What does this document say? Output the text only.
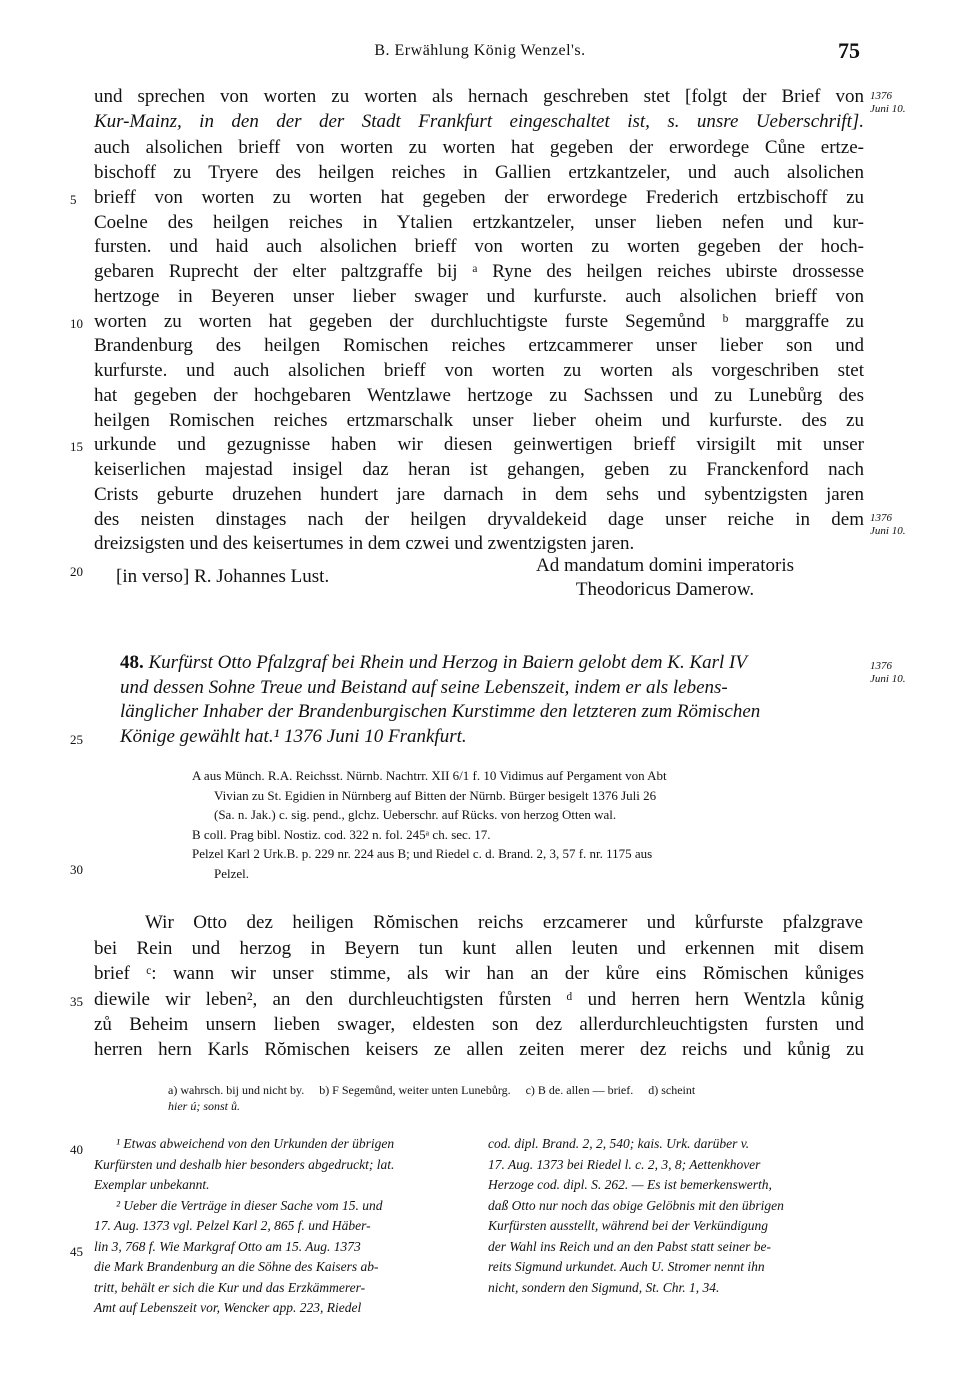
B. Erwählung König Wenzel's.	75
und sprechen von worten zu worten als hernach geschreben stet [folgt der Brief von
Kur-Mainz, in den der der Stadt Frankfurt eingeschaltet ist, s. unsre Ueberschrift].
auch alsolichen brieff von worten zu worten hat gegeben der erwordege Cůne ertze-
bischoff zu Tryere des heilgen reiches in Gallien ertzkantzeler, und auch alsolichen
brieff von worten zu worten hat gegeben der erwordege Frederich ertzbischoff zu
Coelne des heilgen reiches in Ytalien ertzkantzeler, unser lieben nefen und kur-
fursten. und haid auch alsolichen brieff von worten zu worten gegeben der hoch-
gebaren Ruprecht der elter paltzgraffe bij ᵃ Ryne des heilgen reiches ubirste drossesse
hertzoge in Beyeren unser lieber swager und kurfurste. auch alsolichen brieff von
worten zu worten hat gegeben der durchluchtigste furste Segemůnd ᵇ marggraffe zu
Brandenburg des heilgen Romischen reiches ertzcammerer unser lieber son und
kurfurste. und auch alsolichen brieff von worten zu worten als vorgeschriben stet
hat gegeben der hochgebaren Wentzlawe hertzoge zu Sachssen und zu Lunebůrg des
heilgen Romischen reiches ertzmarschalk unser lieber oheim und kurfurste. des zu
urkunde und gezugnisse haben wir diesen geinwertigen brieff virsigilt mit unser
keiserlichen majestad insigel daz heran ist gehangen, geben zu Franckenford nach
Crists geburte druzehen hundert jare darnach in dem sehs und sybentzigsten jaren
des neisten dinstages nach der heilgen dryvaldekeid dage unser reiche in dem
dreizsigsten und des keisertumes in dem czwei und zwentzigsten jaren.
5
10
15
20
25
30
35
40
45
1376
Juni 10.
1376
Juni 10.
1376
Juni 10.
[in verso] R. Johannes Lust.
Ad mandatum domini imperatoris
Theodoricus Damerow.
48. Kurfürst Otto Pfalzgraf bei Rhein und Herzog in Baiern gelobt dem K. Karl IV
und dessen Sohne Treue und Beistand auf seine Lebenszeit, indem er als lebens-
länglicher Inhaber der Brandenburgischen Kurstimme den letzteren zum Römischen
Könige gewählt hat.¹ 1376 Juni 10 Frankfurt.
A aus Münch. R.A. Reichsst. Nürnb. Nachtrr. XII 6/1 f. 10 Vidimus auf Pergament von Abt
Vivian zu St. Egidien in Nürnberg auf Bitten der Nürnb. Bürger besigelt 1376 Juli 26
(Sa. n. Jak.) c. sig. pend., glchz. Ueberschr. auf Rücks. von herzog Otten wal.
B coll. Prag bibl. Nostiz. cod. 322 n. fol. 245ᵃ ch. sec. 17.
Pelzel Karl 2 Urk.B. p. 229 nr. 224 aus B; und Riedel c. d. Brand. 2, 3, 57 f. nr. 1175 aus
Pelzel.
Wir Otto dez heiligen Rŏmischen reichs erzcamerer und kůrfurste pfalzgrave
bei Rein und herzog in Beyern tun kunt allen leuten und erkennen mit disem
brief ᶜ: wann wir unser stimme, als wir han an der kůre eins Rŏmischen kůniges
diewile wir leben², an den durchleuchtigsten fůrsten ᵈ und herren hern Wentzla kůnig
zů Beheim unsern lieben swager, eldesten son dez allerdurchleuchtigsten fursten und
herren hern Karls Rŏmischen keisers ze allen zeiten merer dez reichs und kůnig zu
a) wahrsch. bij und nicht by.     b) F Segemůnd, weiter unten Lunebůrg.     c) B de. allen — brief.     d) scheint
hier ú; sonst ů.

¹ Etwas abweichend von den Urkunden der übrigen

Kurfürsten und deshalb hier besonders abgedruckt; lat.

Exemplar unbekannt.

² Ueber die Verträge in dieser Sache vom 15. und

17. Aug. 1373 vgl. Pelzel Karl 2, 865 f. und Häber-

lin 3, 768 f. Wie Markgraf Otto am 15. Aug. 1373

die Mark Brandenburg an die Söhne des Kaisers ab-

tritt, behält er sich die Kur und das Erzkämmerer-

Amt auf Lebenszeit vor, Wencker app. 223, Riedel

cod. dipl. Brand. 2, 2, 540; kais. Urk. darüber v.

17. Aug. 1373 bei Riedel l. c. 2, 3, 8; Aettenkhover

Herzoge cod. dipl. S. 262. — Es ist bemerkenswerth,

daß Otto nur noch das obige Gelöbnis mit den übrigen

Kurfürsten ausstellt, während bei der Verkündigung

der Wahl ins Reich und an den Pabst statt seiner be-

reits Sigmund urkundet. Auch U. Stromer nennt ihn

nicht, sondern den Sigmund, St. Chr. 1, 34.
